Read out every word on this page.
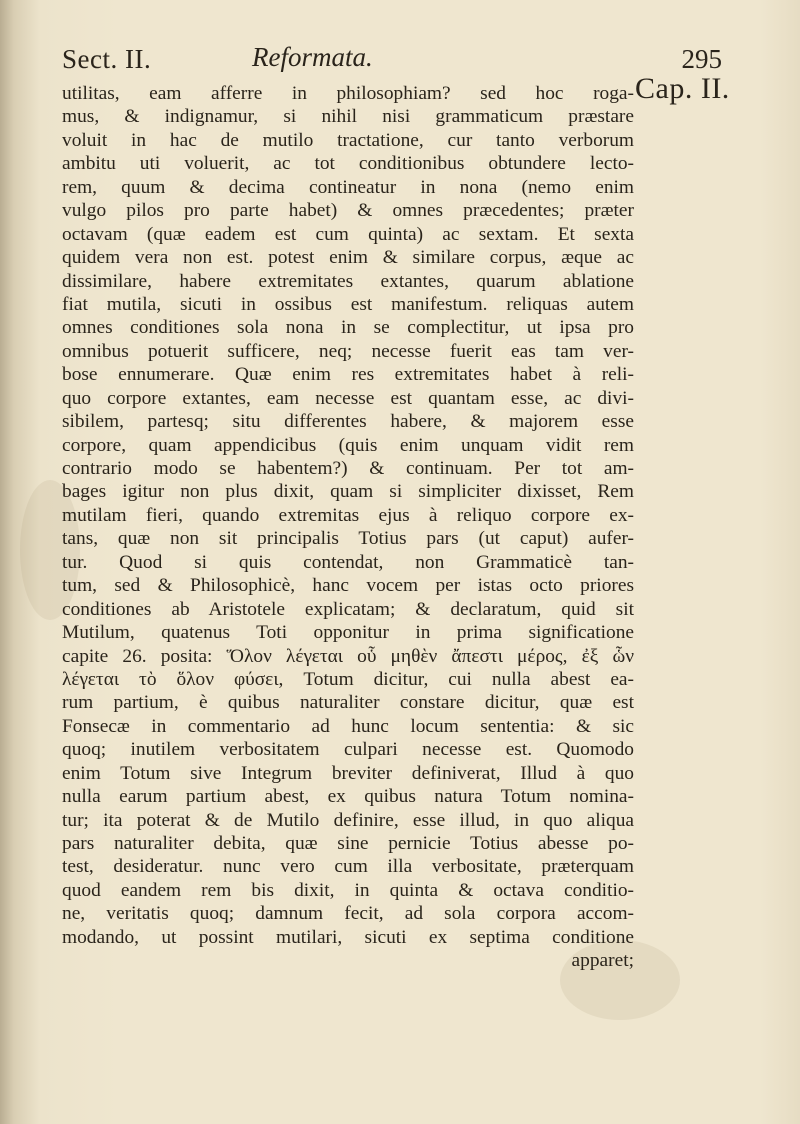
Sect. II.	Reformata.	295
Cap. II.
utilitas, eam afferre in philosophiam? sed hoc roga-
mus, & indignamur, si nihil nisi grammaticum præstare
voluit in hac de mutilo tractatione, cur tanto verborum
ambitu uti voluerit, ac tot conditionibus obtundere lecto-
rem, quum & decima contineatur in nona (nemo enim
vulgo pilos pro parte habet) & omnes præcedentes; præter
octavam (quæ eadem est cum quinta) ac sextam. Et sexta
quidem vera non est. potest enim & similare corpus, æque ac
dissimilare, habere extremitates extantes, quarum ablatione
fiat mutila, sicuti in ossibus est manifestum. reliquas autem
omnes conditiones sola nona in se complectitur, ut ipsa pro
omnibus potuerit sufficere, neq; necesse fuerit eas tam ver-
bose ennumerare. Quæ enim res extremitates habet à reli-
quo corpore extantes, eam necesse est quantam esse, ac divi-
sibilem, partesq; situ differentes habere, & majorem esse
corpore, quam appendicibus (quis enim unquam vidit rem
contrario modo se habentem?) & continuam. Per tot am-
bages igitur non plus dixit, quam si simpliciter dixisset, Rem
mutilam fieri, quando extremitas ejus à reliquo corpore ex-
tans, quæ non sit principalis Totius pars (ut caput) aufer-
tur. Quod si quis contendat, non Grammaticè tan-
tum, sed & Philosophicè, hanc vocem per istas octo priores
conditiones ab Aristotele explicatam; & declaratum, quid sit
Mutilum, quatenus Toti opponitur in prima significatione
capite 26. posita: Ὅλον λέγεται οὗ μηθὲν ἄπεστι μέρος, ἐξ ὧν
λέγεται τὸ ὅλον φύσει, Totum dicitur, cui nulla abest ea-
rum partium, è quibus naturaliter constare dicitur, quæ est
Fonsecæ in commentario ad hunc locum sententia: & sic
quoq; inutilem verbositatem culpari necesse est. Quomodo
enim Totum sive Integrum breviter definiverat, Illud à quo
nulla earum partium abest, ex quibus natura Totum nomina-
tur; ita poterat & de Mutilo definire, esse illud, in quo aliqua
pars naturaliter debita, quæ sine pernicie Totius abesse po-
test, desideratur. nunc vero cum illa verbositate, præterquam
quod eandem rem bis dixit, in quinta & octava conditio-
ne, veritatis quoq; damnum fecit, ad sola corpora accom-
modando, ut possint mutilari, sicuti ex septima conditione
apparet;
